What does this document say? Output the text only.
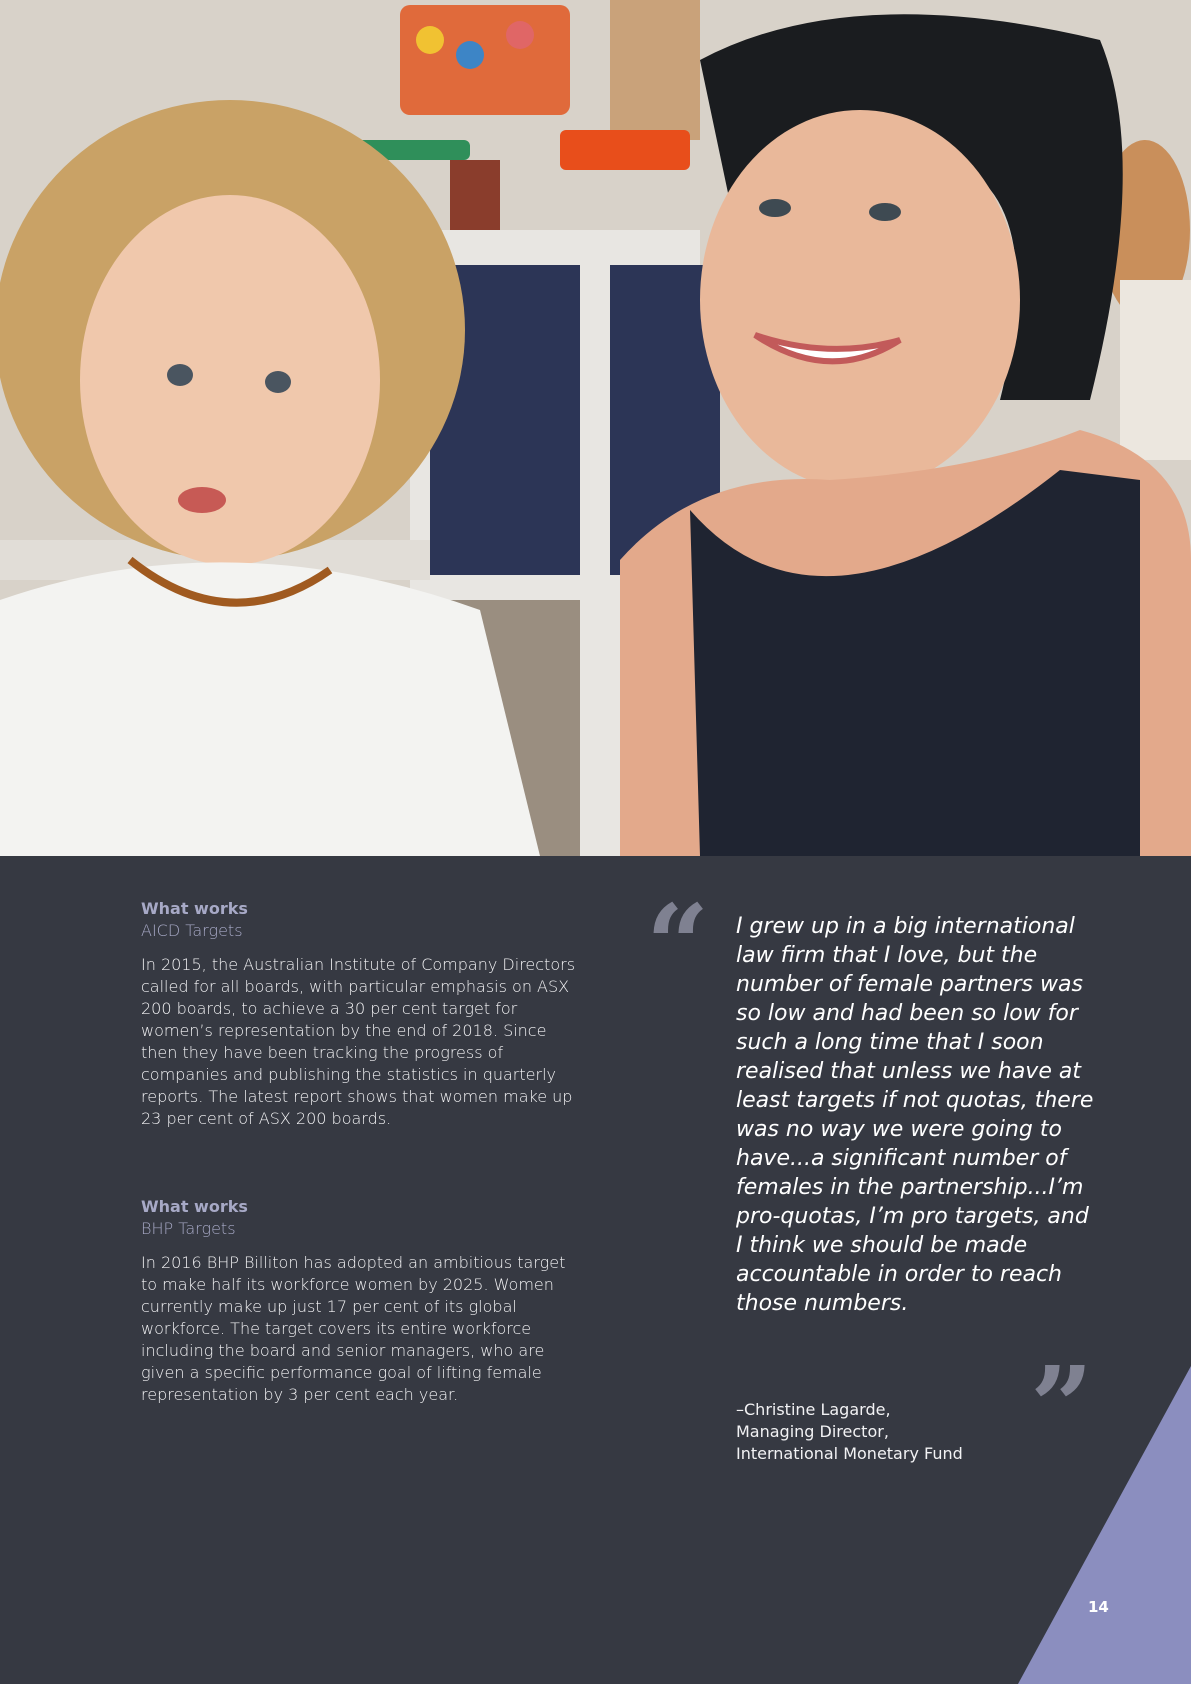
What works
AICD Targets

In 2015, the Australian Institute of Company Directors called for all boards, with particular emphasis on ASX 200 boards, to achieve a 30 per cent target for women’s representation by the end of 2018. Since then they have been tracking the progress of companies and publishing the statistics in quarterly reports. The latest report shows that women make up 23 per cent of ASX 200 boards.

What works
BHP Targets

In 2016 BHP Billiton has adopted an ambitious target to make half its workforce women by 2025. Women currently make up just 17 per cent of its global workforce. The target covers its entire workforce including the board and senior managers, who are given a specific performance goal of lifting female representation by 3 per cent each year.

“ I grew up in a big international law firm that I love, but the number of female partners was so low and had been so low for such a long time that I soon realised that unless we have at least targets if not quotas, there was no way we were going to have...a significant number of females in the partnership...I’m pro-quotas, I’m pro targets, and I think we should be made accountable in order to reach those numbers.
”
–Christine Lagarde,
Managing Director,
International Monetary Fund
14
